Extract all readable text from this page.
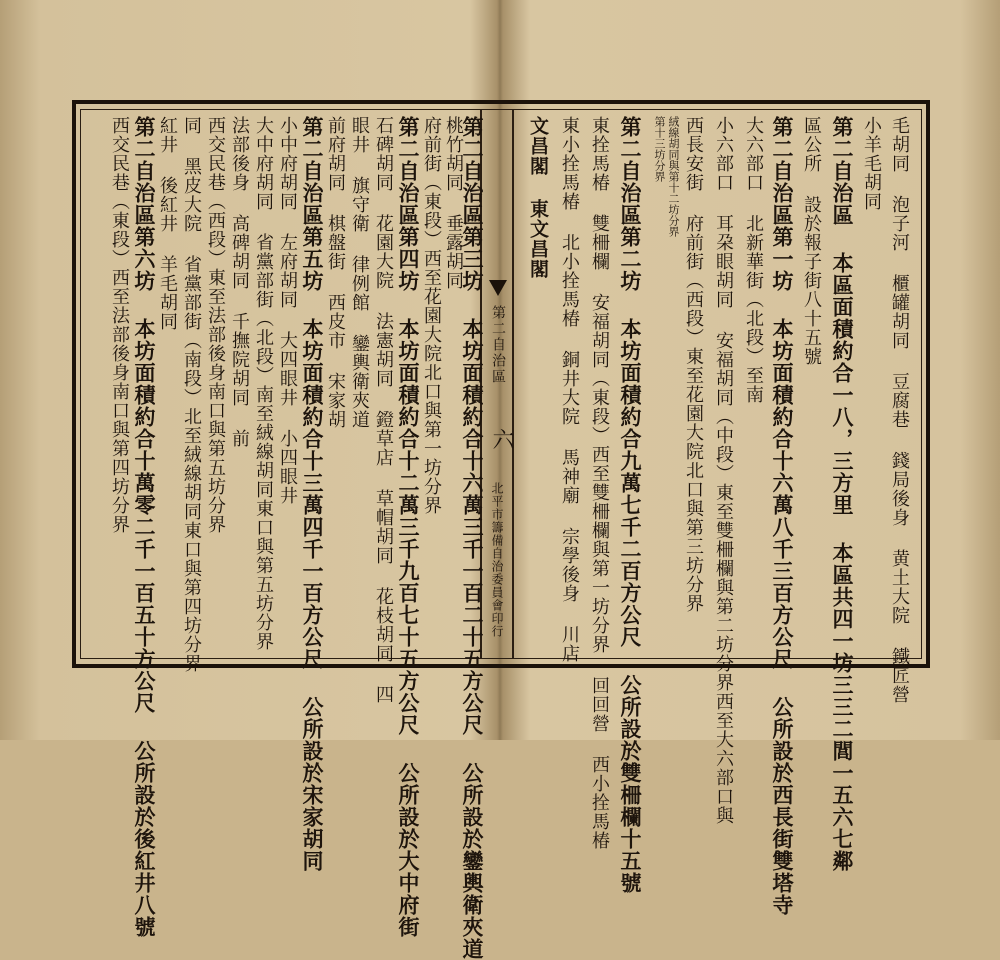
西交民巷（東段）西至法部後身南口與第四坊分界 第二自治區第六坊 本坊面積約合十萬零二千一百五十方公尺 公所設於後紅井八號 紅井 後紅井 羊毛胡同 同 黑皮大院 省黨部街（南段）北至絨線胡同東口與第四坊分界 西交民巷（西段）東至法部後身南口與第五坊分界 法部後身 高碑胡同 千撫院胡同 前 大中府胡同 省黨部街（北段）南至絨線胡同東口與第五坊分界 小中府胡同 左府胡同 大四眼井 小四眼井 第二自治區第五坊 本坊面積約合十三萬四千一百方公尺 公所設於宋家胡同 前府胡同 棋盤街 西皮市 宋家胡 眼井 旗守衛 律例館 鑾輿衛夾道 石碑胡同 花園大院 法憲胡同 鐙草店 草帽胡同 花枝胡同 四 第二自治區第四坊 本坊面積約合十二萬三千九百七十五方公尺 公所設於大中府街 府前街（東段）西至花園大院北口與第一坊分界 桃竹胡同 垂露胡同
第二自治區
六
北平市籌備自治委員會印行
文昌閣 東文昌閣 東小拴馬椿 北小拴馬椿 銅井大院 馬神廟 宗學後身 川店 東拴馬椿 雙柵欄 安福胡同（東段）西至雙柵欄與第一坊分界 回回營 西小拴馬椿 第二自治區第二坊 本坊面積約合九萬七千二百方公尺 公所設於雙柵欄十五號 第十三坊分界 絨線胡同與第十二坊分界 西長安街 府前街（西段）東至花園大院北口與第三坊分界 小六部口 耳朶眼胡同 安福胡同（中段）東至雙柵欄與第二坊分界西至大六部口與 大六部口 北新華街（北段）至南 第二自治區第一坊 本坊面積約合十六萬八千三百方公尺 公所設於西長街雙塔寺 區公所 設於報子街八十五號 第二自治區 本區面積約合一八，三方里 本區共四一坊三三二閭一五六七鄰 小羊毛胡同 毛胡同 泡子河 櫃罐胡同 豆腐巷 錢局後身 黄土大院 鐵匠營
第二自治區第三坊 本坊面積約合十六萬三千一百二十五方公尺 公所設於鑾輿衛夾道
